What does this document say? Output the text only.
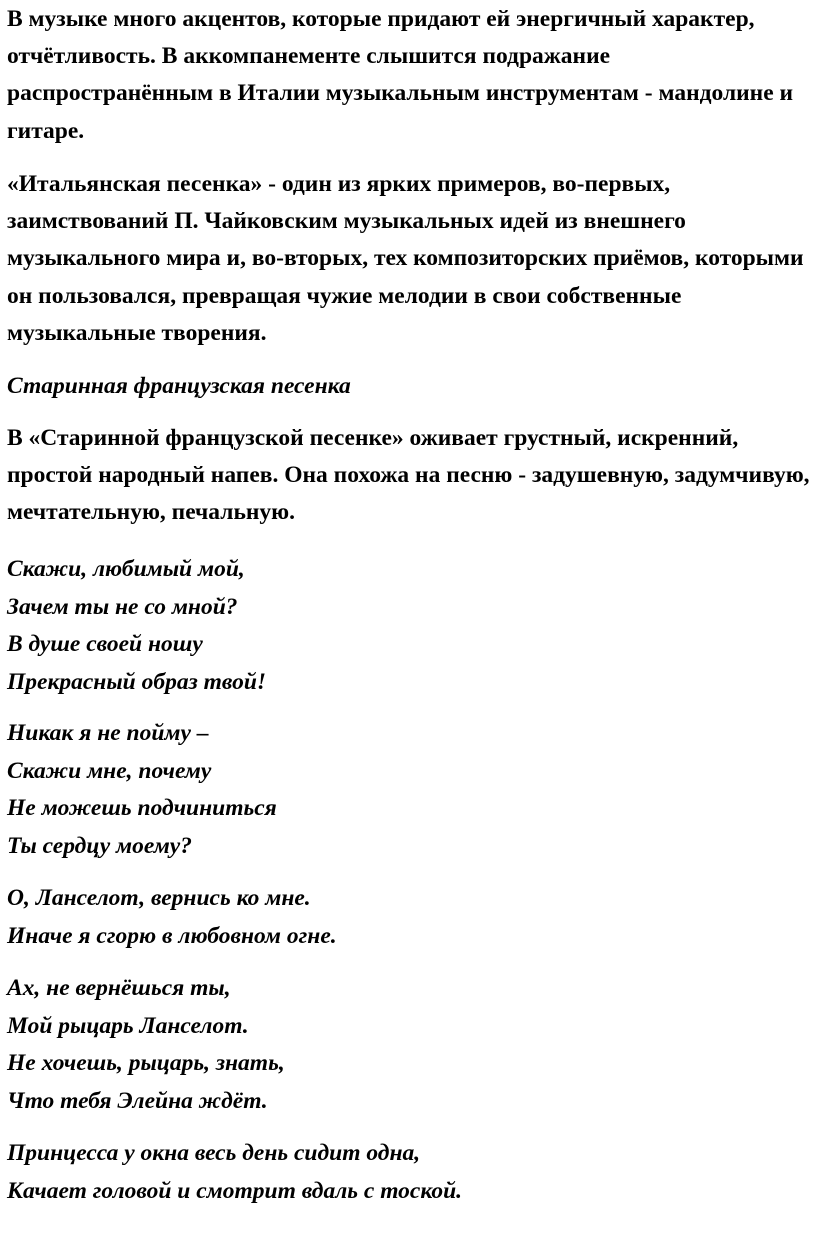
В музыке много акцентов, которые придают ей энергичный характер, отчётливость. В аккомпанементе слышится подражание распространённым в Италии музыкальным инструментам - мандолине и гитаре.

«Итальянская песенка» - один из ярких примеров, во-первых, заимствований П. Чайковским музыкальных идей из внешнего музыкального мира и, во-вторых, тех композиторских приёмов, которыми он пользовался, превращая чужие мелодии в свои собственные музыкальные творения.

Старинная французская песенка

В «Старинной французской песенке» оживает грустный, искренний, простой народный напев. Она похожа на песню - задушевную, задумчивую, мечтательную, печальную.

Скажи, любимый мой,
Зачем ты не со мной?
В душе своей ношу
Прекрасный образ твой!

Никак я не пойму –
Скажи мне, почему
Не можешь подчиниться
Ты сердцу моему?

О, Ланселот, вернись ко мне.
Иначе я сгорю в любовном огне.

Ах, не вернёшься ты,
Мой рыцарь Ланселот.
Не хочешь, рыцарь, знать,
Что тебя Элейна ждёт.

Принцесса у окна весь день сидит одна,
Качает головой и смотрит вдаль с тоской.
